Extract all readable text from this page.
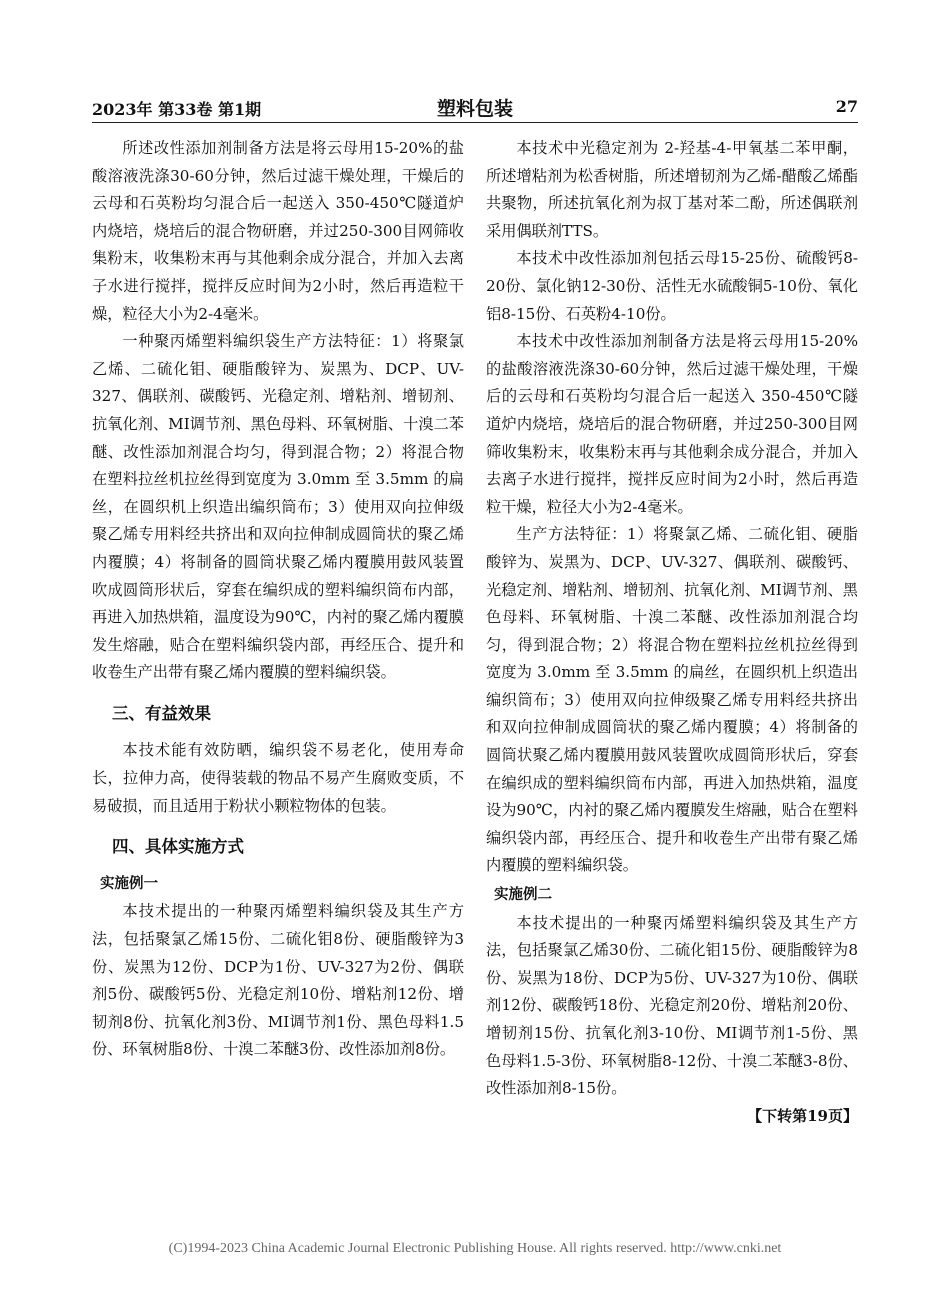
2023年 第33卷 第1期	塑料包装	27

所述改性添加剂制备方法是将云母用15-20%的盐酸溶液洗涤30-60分钟，然后过滤干燥处理，干燥后的云母和石英粉均匀混合后一起送入 350-450℃隧道炉内烧培，烧培后的混合物研磨，并过250-300目网筛收集粉末，收集粉末再与其他剩余成分混合，并加入去离子水进行搅拌，搅拌反应时间为2小时，然后再造粒干燥，粒径大小为2-4毫米。

一种聚丙烯塑料编织袋生产方法特征：1）将聚氯乙烯、二硫化钼、硬脂酸锌为、炭黑为、DCP、UV-327、偶联剂、碳酸钙、光稳定剂、增粘剂、增韧剂、抗氧化剂、MI调节剂、黑色母料、环氧树脂、十溴二苯醚、改性添加剂混合均匀，得到混合物；2）将混合物在塑料拉丝机拉丝得到宽度为 3.0mm 至 3.5mm 的扁丝，在圆织机上织造出编织筒布；3）使用双向拉伸级聚乙烯专用料经共挤出和双向拉伸制成圆筒状的聚乙烯内覆膜；4）将制备的圆筒状聚乙烯内覆膜用鼓风装置吹成圆筒形状后，穿套在编织成的塑料编织筒布内部，再进入加热烘箱，温度设为90℃，内衬的聚乙烯内覆膜发生熔融，贴合在塑料编织袋内部，再经压合、提升和收卷生产出带有聚乙烯内覆膜的塑料编织袋。

三、有益效果

本技术能有效防晒，编织袋不易老化，使用寿命长，拉伸力高，使得装载的物品不易产生腐败变质，不易破损，而且适用于粉状小颗粒物体的包装。

四、具体实施方式
实施例一

本技术提出的一种聚丙烯塑料编织袋及其生产方法，包括聚氯乙烯15份、二硫化钼8份、硬脂酸锌为3份、炭黑为12份、DCP为1份、UV-327为2份、偶联剂5份、碳酸钙5份、光稳定剂10份、增粘剂12份、增韧剂8份、抗氧化剂3份、MI调节剂1份、黑色母料1.5份、环氧树脂8份、十溴二苯醚3份、改性添加剂8份。

本技术中光稳定剂为 2-羟基-4-甲氧基二苯甲酮，所述增粘剂为松香树脂，所述增韧剂为乙烯-醋酸乙烯酯共聚物，所述抗氧化剂为叔丁基对苯二酚，所述偶联剂采用偶联剂TTS。

本技术中改性添加剂包括云母15-25份、硫酸钙8-20份、氯化钠12-30份、活性无水硫酸铜5-10份、氧化铝8-15份、石英粉4-10份。

本技术中改性添加剂制备方法是将云母用15-20%的盐酸溶液洗涤30-60分钟，然后过滤干燥处理，干燥后的云母和石英粉均匀混合后一起送入 350-450℃隧道炉内烧培，烧培后的混合物研磨，并过250-300目网筛收集粉末，收集粉末再与其他剩余成分混合，并加入去离子水进行搅拌，搅拌反应时间为2小时，然后再造粒干燥，粒径大小为2-4毫米。

生产方法特征：1）将聚氯乙烯、二硫化钼、硬脂酸锌为、炭黑为、DCP、UV-327、偶联剂、碳酸钙、光稳定剂、增粘剂、增韧剂、抗氧化剂、MI调节剂、黑色母料、环氧树脂、十溴二苯醚、改性添加剂混合均匀，得到混合物；2）将混合物在塑料拉丝机拉丝得到宽度为 3.0mm 至 3.5mm 的扁丝，在圆织机上织造出编织筒布；3）使用双向拉伸级聚乙烯专用料经共挤出和双向拉伸制成圆筒状的聚乙烯内覆膜；4）将制备的圆筒状聚乙烯内覆膜用鼓风装置吹成圆筒形状后，穿套在编织成的塑料编织筒布内部，再进入加热烘箱，温度设为90℃，内衬的聚乙烯内覆膜发生熔融，贴合在塑料编织袋内部，再经压合、提升和收卷生产出带有聚乙烯内覆膜的塑料编织袋。

实施例二

本技术提出的一种聚丙烯塑料编织袋及其生产方法，包括聚氯乙烯30份、二硫化钼15份、硬脂酸锌为8份、炭黑为18份、DCP为5份、UV-327为10份、偶联剂12份、碳酸钙18份、光稳定剂20份、增粘剂20份、增韧剂15份、抗氧化剂3-10份、MI调节剂1-5份、黑色母料1.5-3份、环氧树脂8-12份、十溴二苯醚3-8份、改性添加剂8-15份。

【下转第19页】

(C)1994-2023 China Academic Journal Electronic Publishing House. All rights reserved. http://www.cnki.net
